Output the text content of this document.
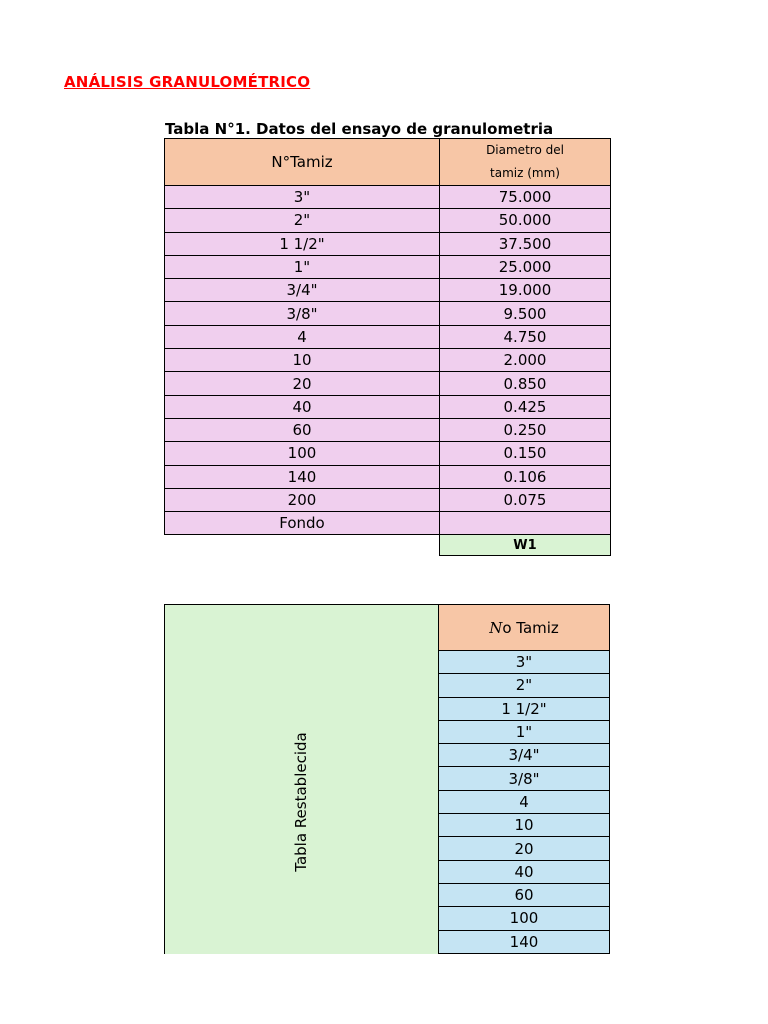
ANÁLISIS GRANULOMÉTRICO
Tabla N°1. Datos del ensayo de granulometria
N°Tamiz	Diametro del
tamiz (mm)

3"	75.000
2"	50.000
1 1/2"	37.500
1"	25.000
3/4"	19.000
3/8"	9.500
4	4.750
10	2.000
20	0.850
40	0.425
60	0.250
100	0.150
140	0.106
200	0.075
Fondo	
	W1
Tabla Restablecida
No Tamiz
3"
2"
1 1/2"
1"
3/4"
3/8"
4
10
20
40
60
100
140
